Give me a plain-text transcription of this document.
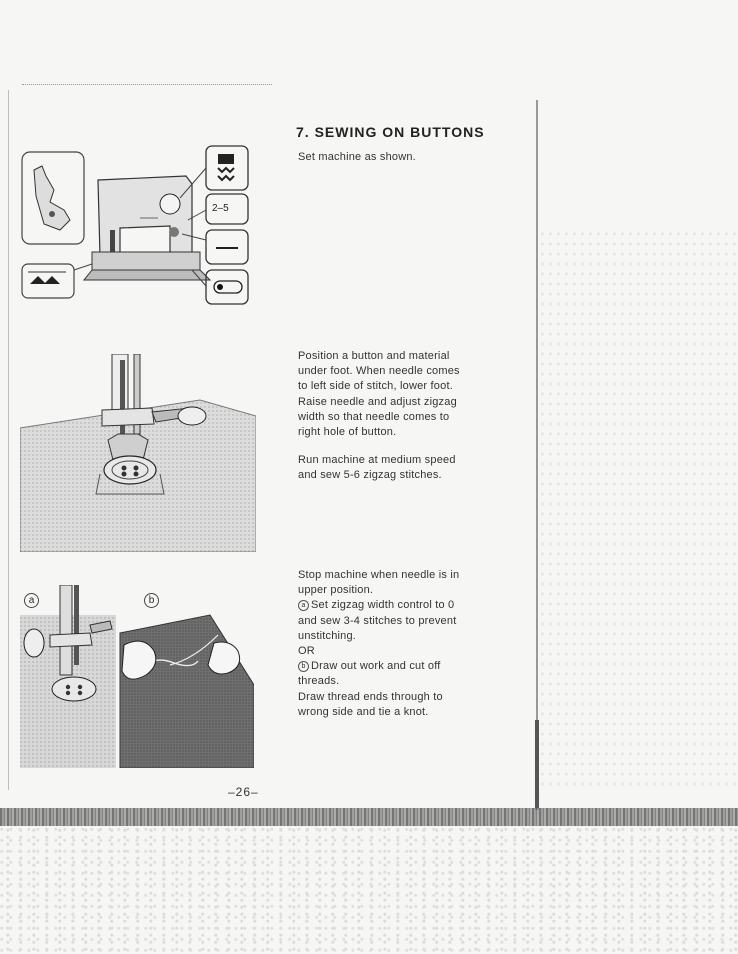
7. SEWING ON BUTTONS
Set machine as shown.

Position a button and material
under foot. When needle comes
to left side of stitch, lower foot.
Raise needle and adjust zigzag
width so that needle comes to
right hole of button.

Run machine at medium speed
and sew 5-6 zigzag stitches.

Stop machine when needle is in
upper position.
a Set zigzag width control to 0
and sew 3-4 stitches to prevent
unstitching.
OR
b Draw out work and cut off
threads.
Draw thread ends through to
wrong side and tie a knot.
2–5
a	b
–26–
